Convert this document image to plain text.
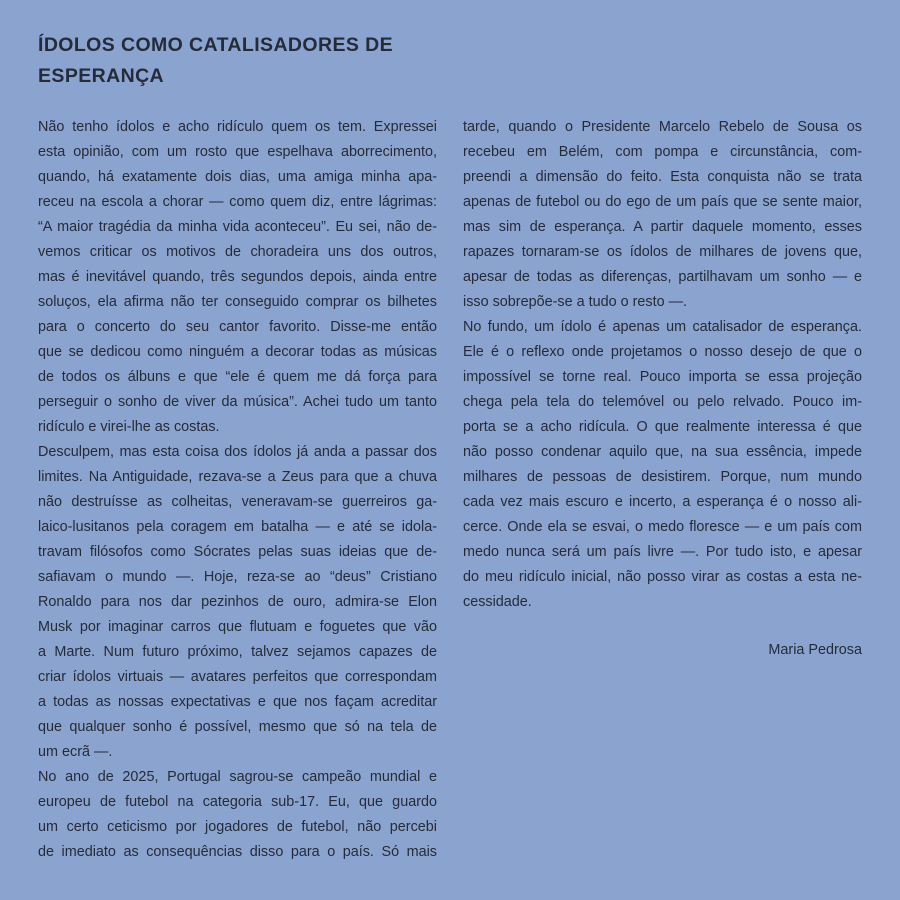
ÍDOLOS COMO CATALISADORES DE
ESPERANÇA
Não tenho ídolos e acho ridículo quem os tem. Expressei
esta opinião, com um rosto que espelhava aborrecimento,
quando, há exatamente dois dias, uma amiga minha apa-
receu na escola a chorar — como quem diz, entre lágrimas:
“A maior tragédia da minha vida aconteceu”. Eu sei, não de-
vemos criticar os motivos de choradeira uns dos outros,
mas é inevitável quando, três segundos depois, ainda entre
soluços, ela afirma não ter conseguido comprar os bilhetes
para o concerto do seu cantor favorito. Disse-me então
que se dedicou como ninguém a decorar todas as músicas
de todos os álbuns e que “ele é quem me dá força para
perseguir o sonho de viver da música”. Achei tudo um tanto
ridículo e virei-lhe as costas.
Desculpem, mas esta coisa dos ídolos já anda a passar dos
limites. Na Antiguidade, rezava-se a Zeus para que a chuva
não destruísse as colheitas, veneravam-se guerreiros ga-
laico-lusitanos pela coragem em batalha — e até se idola-
travam filósofos como Sócrates pelas suas ideias que de-
safiavam o mundo —. Hoje, reza-se ao “deus” Cristiano
Ronaldo para nos dar pezinhos de ouro, admira-se Elon
Musk por imaginar carros que flutuam e foguetes que vão
a Marte. Num futuro próximo, talvez sejamos capazes de
criar ídolos virtuais — avatares perfeitos que correspondam
a todas as nossas expectativas e que nos façam acreditar
que qualquer sonho é possível, mesmo que só na tela de
um ecrã —.
No ano de 2025, Portugal sagrou-se campeão mundial e
europeu de futebol na categoria sub-17. Eu, que guardo
um certo ceticismo por jogadores de futebol, não percebi
de imediato as consequências disso para o país. Só mais
tarde, quando o Presidente Marcelo Rebelo de Sousa os
recebeu em Belém, com pompa e circunstância, com-
preendi a dimensão do feito. Esta conquista não se trata
apenas de futebol ou do ego de um país que se sente maior,
mas sim de esperança. A partir daquele momento, esses
rapazes tornaram-se os ídolos de milhares de jovens que,
apesar de todas as diferenças, partilhavam um sonho — e
isso sobrepõe-se a tudo o resto —.
No fundo, um ídolo é apenas um catalisador de esperança.
Ele é o reflexo onde projetamos o nosso desejo de que o
impossível se torne real. Pouco importa se essa projeção
chega pela tela do telemóvel ou pelo relvado. Pouco im-
porta se a acho ridícula. O que realmente interessa é que
não posso condenar aquilo que, na sua essência, impede
milhares de pessoas de desistirem. Porque, num mundo
cada vez mais escuro e incerto, a esperança é o nosso ali-
cerce. Onde ela se esvai, o medo floresce — e um país com
medo nunca será um país livre —. Por tudo isto, e apesar
do meu ridículo inicial, não posso virar as costas a esta ne-
cessidade.
Maria Pedrosa
